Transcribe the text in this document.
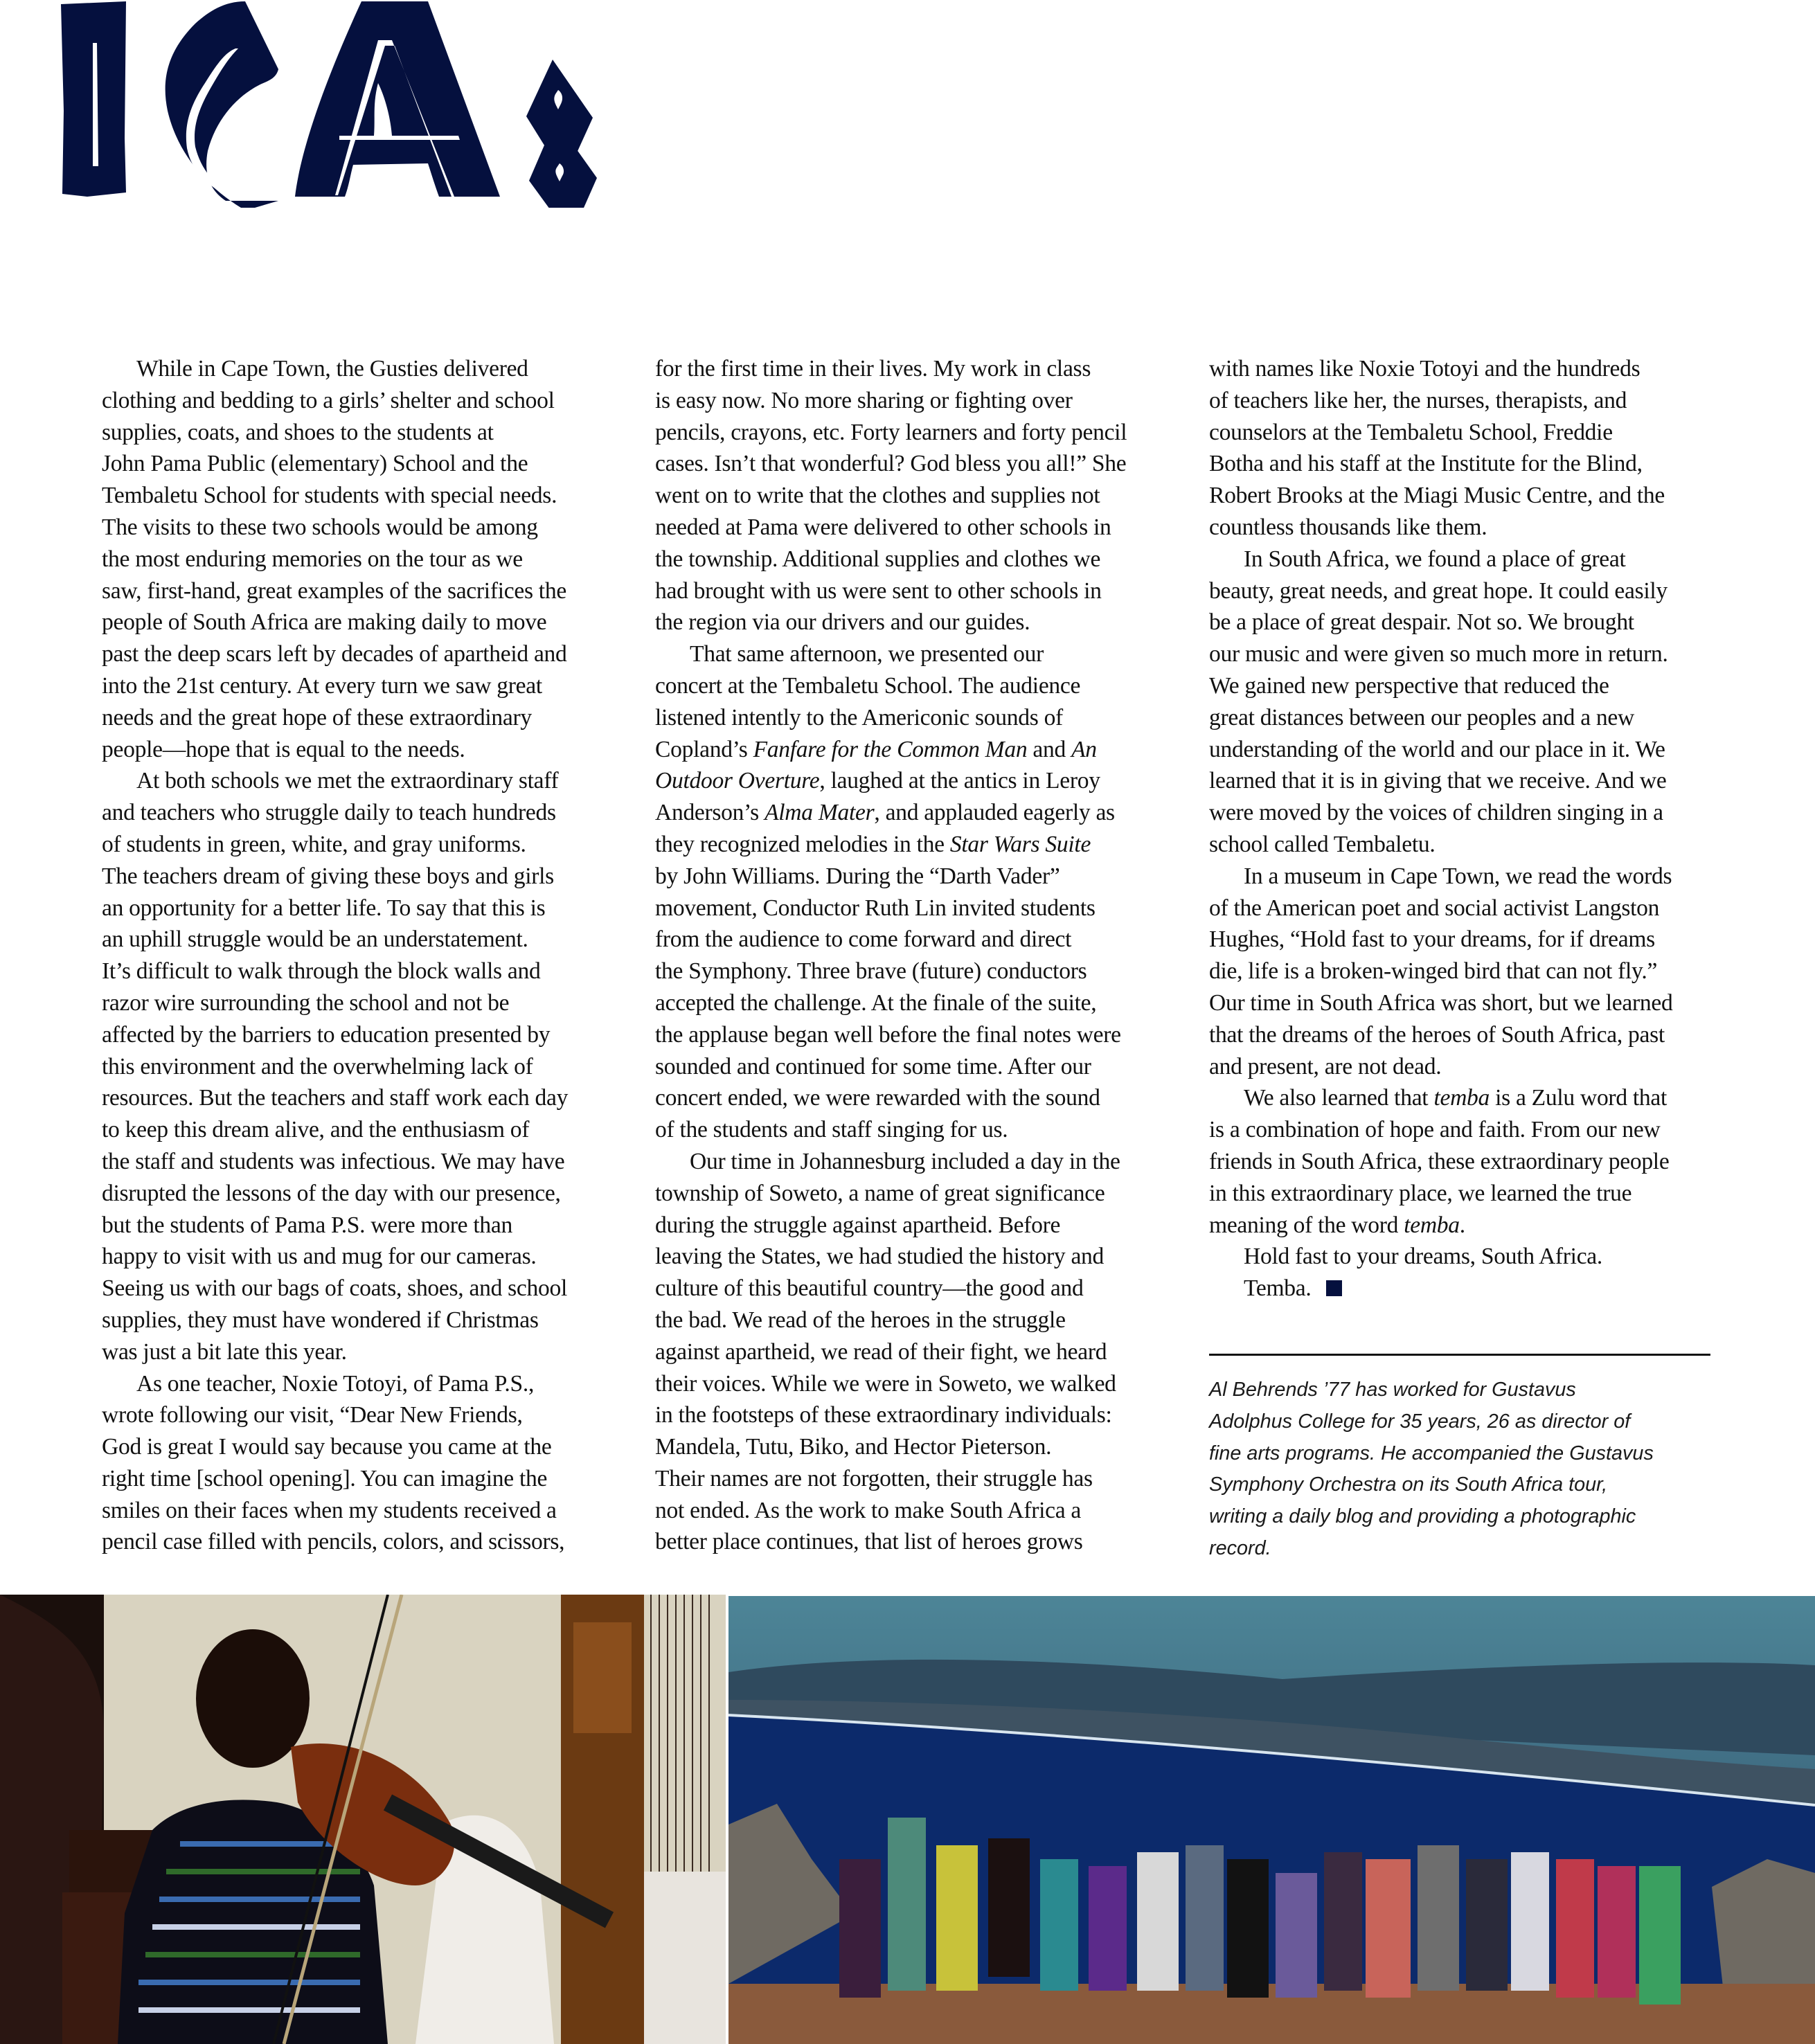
While in Cape Town, the Gusties delivered
clothing and bedding to a girls’ shelter and school
supplies, coats, and shoes to the students at
John Pama Public (elementary) School and the
Tembaletu School for students with special needs.
The visits to these two schools would be among
the most enduring memories on the tour as we
saw, first-hand, great examples of the sacrifices the
people of South Africa are making daily to move
past the deep scars left by decades of apartheid and
into the 21st century. At every turn we saw great
needs and the great hope of these extraordinary
people—hope that is equal to the needs.
At both schools we met the extraordinary staff
and teachers who struggle daily to teach hundreds
of students in green, white, and gray uniforms.
The teachers dream of giving these boys and girls
an opportunity for a better life. To say that this is
an uphill struggle would be an understatement.
It’s difficult to walk through the block walls and
razor wire surrounding the school and not be
affected by the barriers to education presented by
this environment and the overwhelming lack of
resources. But the teachers and staff work each day
to keep this dream alive, and the enthusiasm of
the staff and students was infectious. We may have
disrupted the lessons of the day with our presence,
but the students of Pama P.S. were more than
happy to visit with us and mug for our cameras.
Seeing us with our bags of coats, shoes, and school
supplies, they must have wondered if Christmas
was just a bit late this year.
As one teacher, Noxie Totoyi, of Pama P.S.,
wrote following our visit, “Dear New Friends,
God is great I would say because you came at the
right time [school opening]. You can imagine the
smiles on their faces when my students received a
pencil case filled with pencils, colors, and scissors,
for the first time in their lives. My work in class
is easy now. No more sharing or fighting over
pencils, crayons, etc. Forty learners and forty pencil
cases. Isn’t that wonderful? God bless you all!” She
went on to write that the clothes and supplies not
needed at Pama were delivered to other schools in
the township. Additional supplies and clothes we
had brought with us were sent to other schools in
the region via our drivers and our guides.
That same afternoon, we presented our
concert at the Tembaletu School. The audience
listened intently to the Americonic sounds of
Copland’s Fanfare for the Common Man and An
Outdoor Overture, laughed at the antics in Leroy
Anderson’s Alma Mater, and applauded eagerly as
they recognized melodies in the Star Wars Suite
by John Williams. During the “Darth Vader”
movement, Conductor Ruth Lin invited students
from the audience to come forward and direct
the Symphony. Three brave (future) conductors
accepted the challenge. At the finale of the suite,
the applause began well before the final notes were
sounded and continued for some time. After our
concert ended, we were rewarded with the sound
of the students and staff singing for us.
Our time in Johannesburg included a day in the
township of Soweto, a name of great significance
during the struggle against apartheid. Before
leaving the States, we had studied the history and
culture of this beautiful country—the good and
the bad. We read of the heroes in the struggle
against apartheid, we read of their fight, we heard
their voices. While we were in Soweto, we walked
in the footsteps of these extraordinary individuals:
Mandela, Tutu, Biko, and Hector Pieterson.
Their names are not forgotten, their struggle has
not ended. As the work to make South Africa a
better place continues, that list of heroes grows
with names like Noxie Totoyi and the hundreds
of teachers like her, the nurses, therapists, and
counselors at the Tembaletu School, Freddie
Botha and his staff at the Institute for the Blind,
Robert Brooks at the Miagi Music Centre, and the
countless thousands like them.
In South Africa, we found a place of great
beauty, great needs, and great hope. It could easily
be a place of great despair. Not so. We brought
our music and were given so much more in return.
We gained new perspective that reduced the
great distances between our peoples and a new
understanding of the world and our place in it. We
learned that it is in giving that we receive. And we
were moved by the voices of children singing in a
school called Tembaletu.
In a museum in Cape Town, we read the words
of the American poet and social activist Langston
Hughes, “Hold fast to your dreams, for if dreams
die, life is a broken-winged bird that can not fly.”
Our time in South Africa was short, but we learned
that the dreams of the heroes of South Africa, past
and present, are not dead.
We also learned that temba is a Zulu word that
is a combination of hope and faith. From our new
friends in South Africa, these extraordinary people
in this extraordinary place, we learned the true
meaning of the word temba.
Hold fast to your dreams, South Africa.
Temba.
Al Behrends ’77 has worked for Gustavus
Adolphus College for 35 years, 26 as director of
fine arts programs. He accompanied the Gustavus
Symphony Orchestra on its South Africa tour,
writing a daily blog and providing a photographic
record.
